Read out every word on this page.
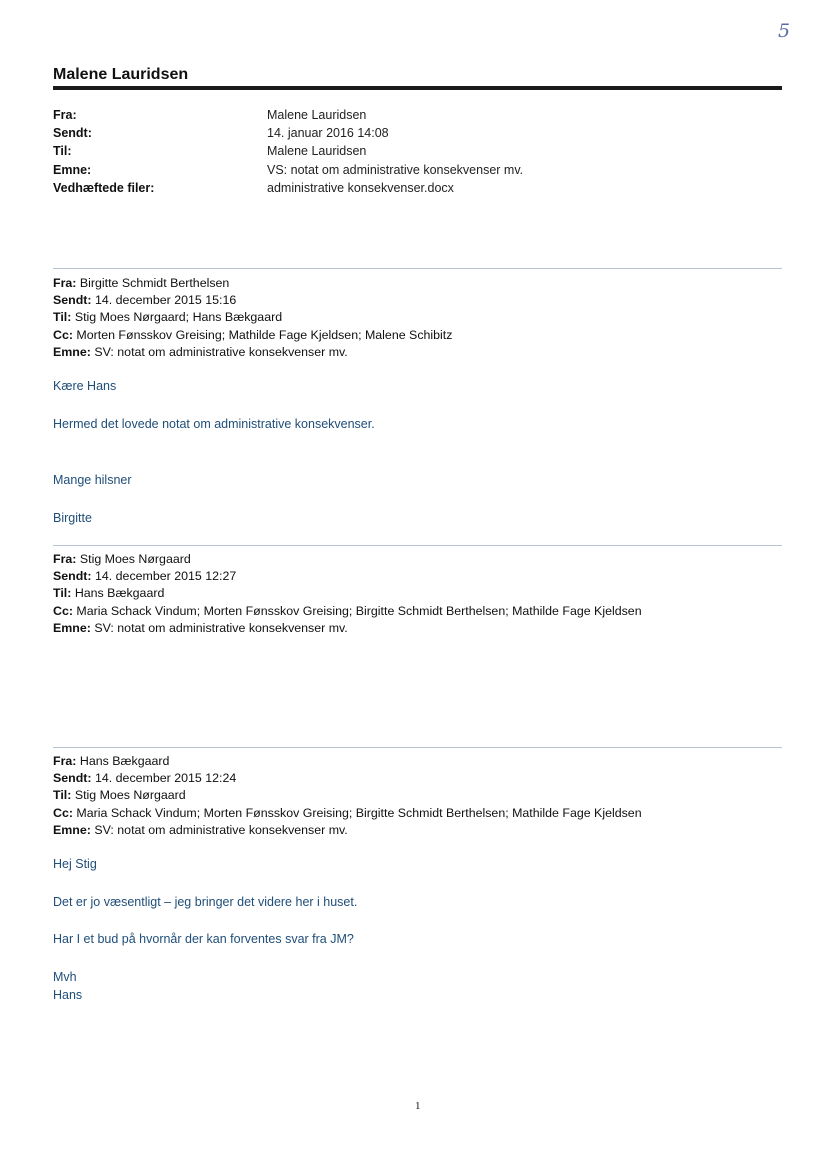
5
Malene Lauridsen
Fra:	Malene Lauridsen
Sendt:	14. januar 2016 14:08
Til:	Malene Lauridsen
Emne:	VS: notat om administrative konsekvenser mv.
Vedhæftede filer:	administrative konsekvenser.docx
Fra: Birgitte Schmidt Berthelsen
Sendt: 14. december 2015 15:16
Til: Stig Moes Nørgaard; Hans Bækgaard
Cc: Morten Fønsskov Greising; Mathilde Fage Kjeldsen; Malene Schibitz
Emne: SV: notat om administrative konsekvenser mv.
Kære Hans
Hermed det lovede notat om administrative konsekvenser.
Mange hilsner
Birgitte
Fra: Stig Moes Nørgaard
Sendt: 14. december 2015 12:27
Til: Hans Bækgaard
Cc: Maria Schack Vindum; Morten Fønsskov Greising; Birgitte Schmidt Berthelsen; Mathilde Fage Kjeldsen
Emne: SV: notat om administrative konsekvenser mv.
Fra: Hans Bækgaard
Sendt: 14. december 2015 12:24
Til: Stig Moes Nørgaard
Cc: Maria Schack Vindum; Morten Fønsskov Greising; Birgitte Schmidt Berthelsen; Mathilde Fage Kjeldsen
Emne: SV: notat om administrative konsekvenser mv.
Hej Stig
Det er jo væsentligt – jeg bringer det videre her i huset.
Har I et bud på hvornår der kan forventes svar fra JM?
Mvh
Hans
1
